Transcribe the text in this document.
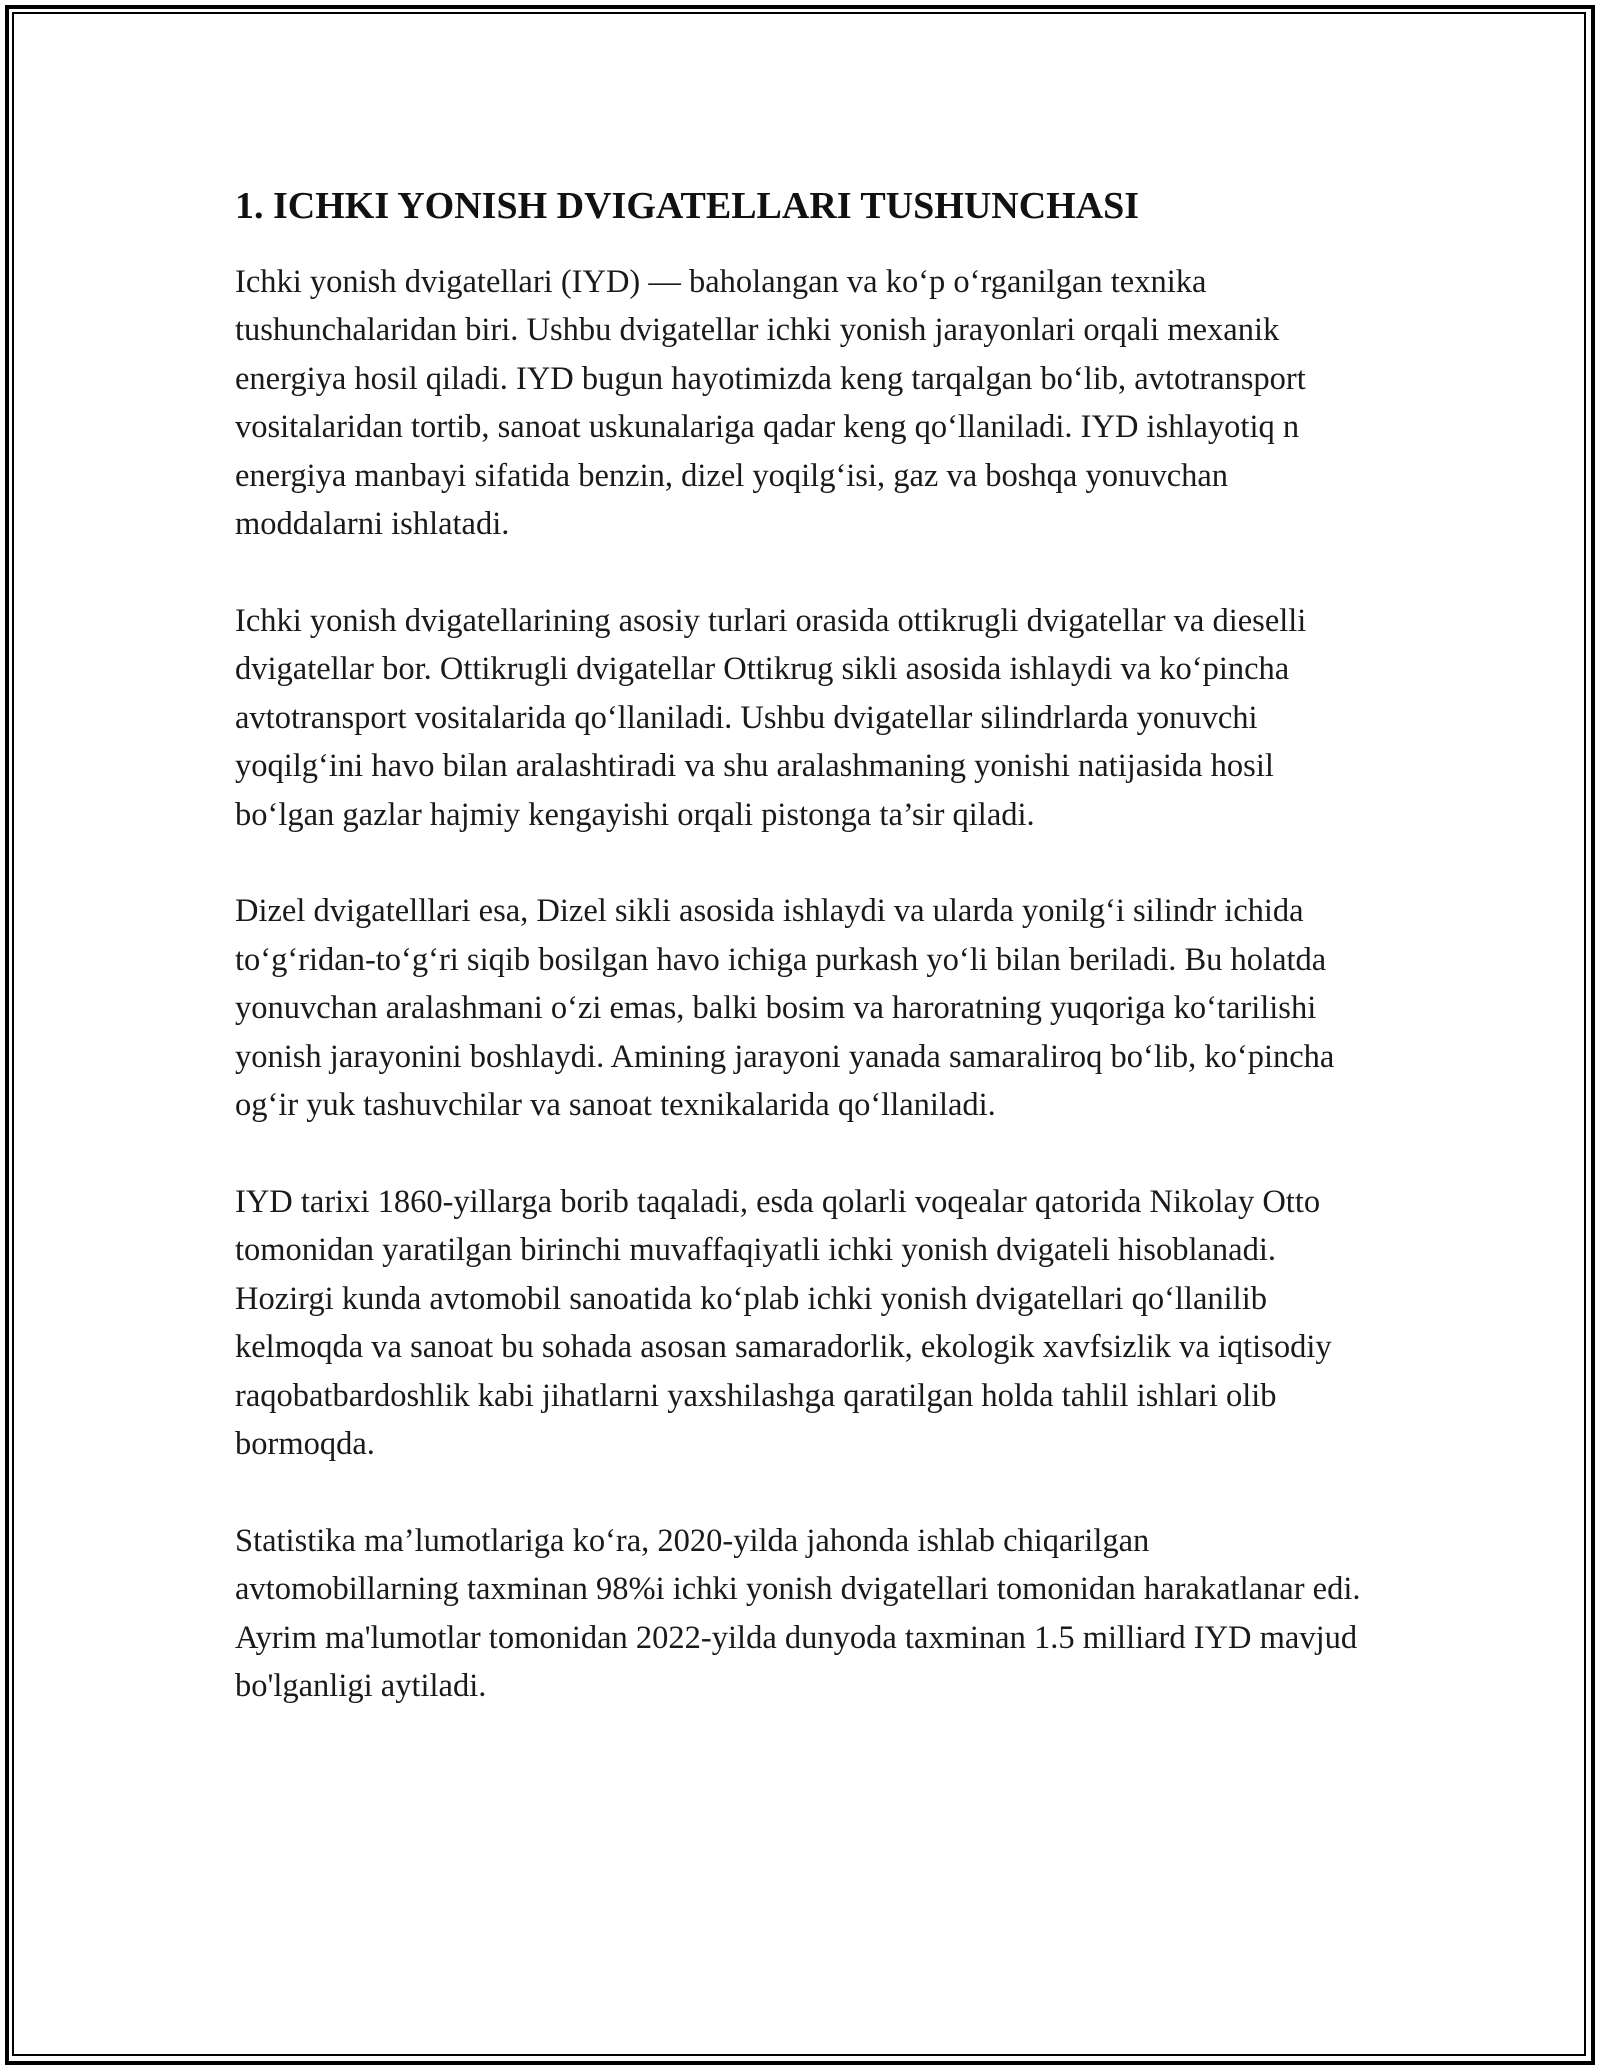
1. ICHKI YONISH DVIGATELLARI TUSHUNCHASI

Ichki yonish dvigatellari (IYD) — baholangan va ko‘p o‘rganilgan texnika tushunchalaridan biri. Ushbu dvigatellar ichki yonish jarayonlari orqali mexanik energiya hosil qiladi. IYD bugun hayotimizda keng tarqalgan bo‘lib, avtotransport vositalaridan tortib, sanoat uskunalariga qadar keng qo‘llaniladi. IYD ishlayotiq n energiya manbayi sifatida benzin, dizel yoqilg‘isi, gaz va boshqa yonuvchan moddalarni ishlatadi.

Ichki yonish dvigatellarining asosiy turlari orasida ottikrugli dvigatellar va dieselli dvigatellar bor. Ottikrugli dvigatellar Ottikrug sikli asosida ishlaydi va ko‘pincha avtotransport vositalarida qo‘llaniladi. Ushbu dvigatellar silindrlarda yonuvchi yoqilg‘ini havo bilan aralashtiradi va shu aralashmaning yonishi natijasida hosil bo‘lgan gazlar hajmiy kengayishi orqali pistonga ta’sir qiladi.

Dizel dvigatelllari esa, Dizel sikli asosida ishlaydi va ularda yonilg‘i silindr ichida to‘g‘ridan-to‘g‘ri siqib bosilgan havo ichiga purkash yo‘li bilan beriladi. Bu holatda yonuvchan aralashmani o‘zi emas, balki bosim va haroratning yuqoriga ko‘tarilishi yonish jarayonini boshlaydi. Amining jarayoni yanada samaraliroq bo‘lib, ko‘pincha og‘ir yuk tashuvchilar va sanoat texnikalarida qo‘llaniladi.

IYD tarixi 1860-yillarga borib taqaladi, esda qolarli voqealar qatorida Nikolay Otto tomonidan yaratilgan birinchi muvaffaqiyatli ichki yonish dvigateli hisoblanadi. Hozirgi kunda avtomobil sanoatida ko‘plab ichki yonish dvigatellari qo‘llanilib kelmoqda va sanoat bu sohada asosan samaradorlik, ekologik xavfsizlik va iqtisodiy raqobatbardoshlik kabi jihatlarni yaxshilashga qaratilgan holda tahlil ishlari olib bormoqda.

Statistika ma’lumotlariga ko‘ra, 2020-yilda jahonda ishlab chiqarilgan avtomobillarning taxminan 98%i ichki yonish dvigatellari tomonidan harakatlanar edi. Ayrim ma'lumotlar tomonidan 2022-yilda dunyoda taxminan 1.5 milliard IYD mavjud bo'lganligi aytiladi.
